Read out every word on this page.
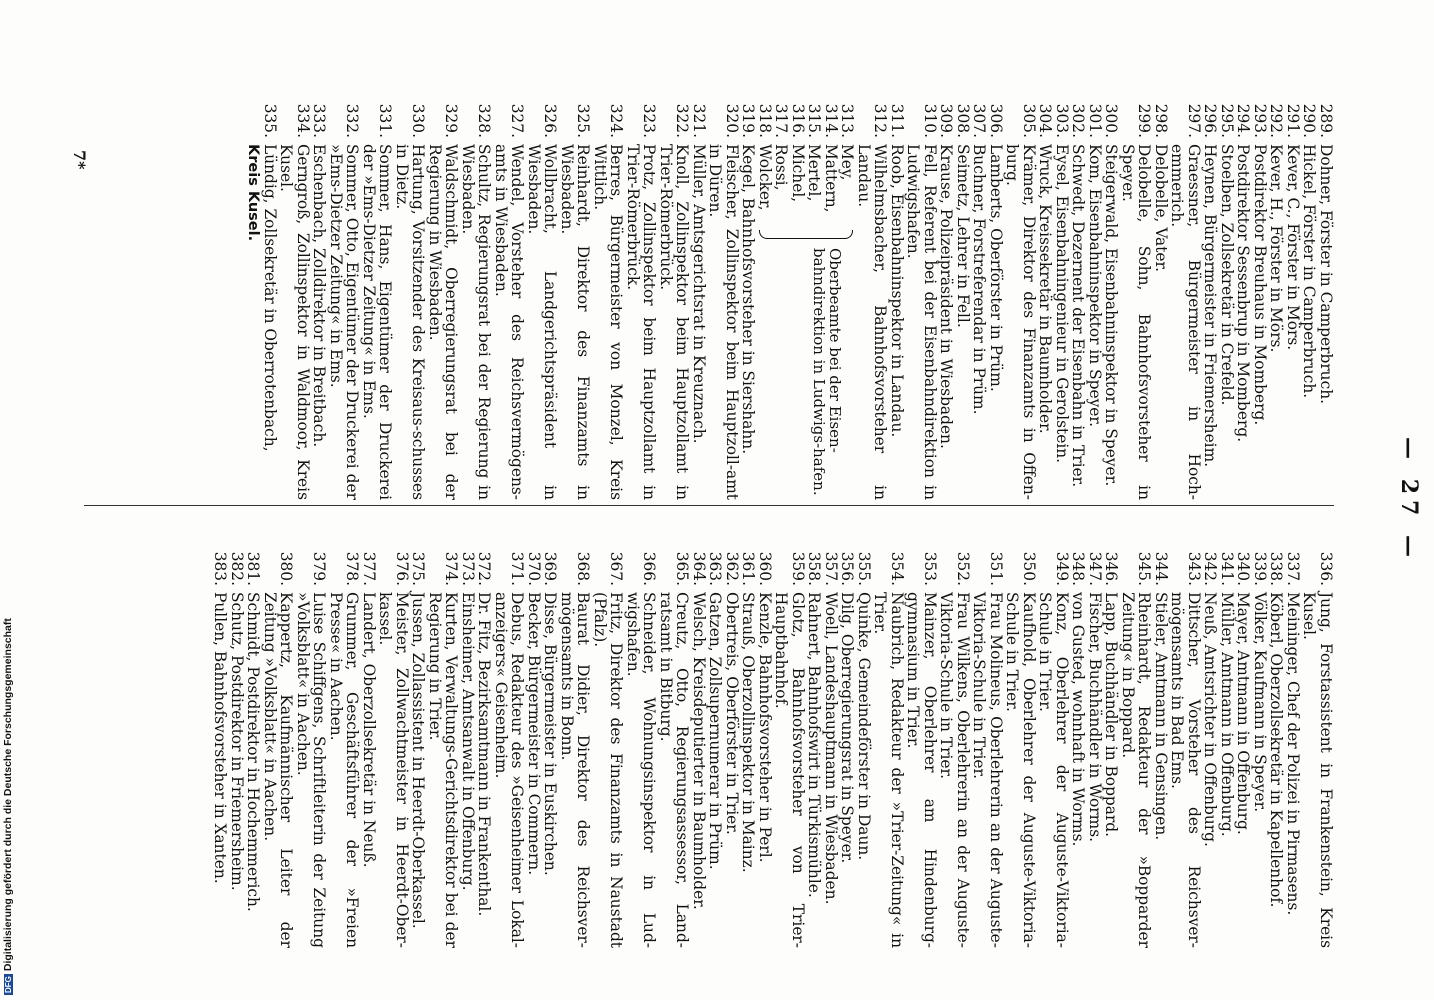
DFGDigitalisierung gefördert durch die Deutsche Forschungsgemeinschaft
— 27 —
289.
Dohner, Förster in Camperbruch.
290.
Hickel, Förster in Camperbruch.
291.
Kever, C., Förster in Mörs.
292.
Kever, H., Förster in Mörs.
293.
Postdirektor Breuhaus in Momberg.
294.
Postdirektor Sessenbrup in Momberg.
295.
Stoelben, Zollsekretär in Crefeld.
296.
Heynen, Bürgermeister in Friemersheim.
297.
Graessner, Bürgermeister in Hoch-emmerich.
298.
Delobelle, Vater.
299.
Delobelle, Sohn, Bahnhofsvorsteher in Speyer.
300.
Steigerwald, Eisenbahninspektor in Speyer.
301.
Kom, Eisenbahninspektor in Speyer.
302.
Schwedt, Dezernent der Eisenbahn in Trier.
303.
Eysel, Eisenbahningenieur in Gerolstein.
304.
Wruck, Kreissekretär in Baumholder.
305.
Krämer, Direktor des Finanzamts in Offen-burg.
306.
Lamberts, Oberförster in Prüm.
307.
Buchner, Forstreferendar in Prüm.
308.
Seimetz, Lehrer in Fell.
309.
Krause, Polizeipräsident in Wiesbaden.
310.
Fell, Referent bei der Eisenbahndirektion in Ludwigshafen.
311.
Roob, Eisenbahninspektor in Landau.
312.
Wilhelmsbacher, Bahnhofsvorsteher in Landau.
313.
Mey,
314.
Mattern,
315.
Mertel,
316.
Michel,
317.
Rossi,
318.
Wolcker,
Oberbeamte bei der Eisen-bahndirektion in Ludwigs-hafen.
319.
Kegel, Bahnhofsvorsteher in Siershahn.
320.
Fleischer, Zollinspektor beim Hauptzoll-amt in Düren.
321.
Müller, Amtsgerichtsrat in Kreuznach.
322.
Knoll, Zollinspektor beim Hauptzollamt in Trier-Römerbrück.
323.
Protz, Zollinspektor beim Hauptzollamt in Trier-Römerbrück.
324.
Berres, Bürgermeister von Monzel, Kreis Wittlich.
325.
Reinhardt, Direktor des Finanzamts in Wiesbaden.
326.
Wollbracht, Landgerichtspräsident in Wiesbaden.
327.
Wendel, Vorsteher des Reichsvermögens-amts in Wiesbaden.
328.
Schultz, Regierungsrat bei der Regierung in Wiesbaden.
329.
Waldschmidt, Oberregierungsrat bei der Regierung in Wiesbaden.
330.
Hartung, Vorsitzender des Kreisaus-schusses in Dietz.
331.
Sommer, Hans, Eigentümer der Druckerei der »Ems-Dietzer Zeitung« in Ems.
332.
Sommer, Otto, Eigentümer der Druckerei der »Ems-Dietzer Zeitung« in Ems.
333.
Eschenbach, Zolldirektor in Breitbach.
334.
Gerngroß, Zollinspektor in Waldmoor, Kreis Kusel.
335.
Lündig, Zollsekretär in Oberrotenbach,
Kreis Kusel.
336.
Jung, Forstassistent in Frankenstein, Kreis Kusel.
337.
Meininger, Chef der Polizei in Pirmasens.
338.
Köberl, Oberzollsekretär in Kapellenhof.
339.
Völker, Kaufmann in Speyer.
340.
Mayer, Amtmann in Offenburg.
341.
Müller, Amtmann in Offenburg.
342.
Neuß, Amtsrichter in Offenburg.
343.
Dittscher, Vorsteher des Reichsver-mögensamts in Bad Ems.
344.
Stieler, Amtmann in Gensingen.
345.
Rheinhardt, Redakteur der »Bopparder Zeitung« in Boppard.
346.
Lapp, Buchhändler in Boppard.
347.
Fischer, Buchhändler in Worms.
348.
von Gusted, wohnhaft in Worms.
349.
Konz, Oberlehrer der Auguste-Viktoria-Schule in Trier.
350.
Kaufhold, Oberlehrer der Auguste-Viktoria-Schule in Trier.
351.
Frau Molineus, Oberlehrerin an der Auguste-Viktoria-Schule in Trier.
352.
Frau Wilkens, Oberlehrerin an der Auguste-Viktoria-Schule in Trier.
353.
Mainzer, Oberlehrer am Hindenburg-gymnasium in Trier.
354.
Naubrich, Redakteur der »Trier-Zeitung« in Trier.
355.
Quinke, Gemeindeförster in Daun.
356.
Dilg, Oberregierungsrat in Speyer.
357.
Woell, Landeshauptmann in Wiesbaden.
358.
Rahnert, Bahnhofswirt in Türkismühle.
359.
Glotz, Bahnhofsvorsteher von Trier-Hauptbahnhof.
360.
Kenzle, Bahnhofsvorsteher in Perl.
361.
Strauß, Oberzollinspektor in Mainz.
362.
Obertreis, Oberförster in Trier.
363.
Gatzen, Zollsupernumerar in Prüm.
364.
Welsch, Kreisdeputierter in Baumholder.
365.
Creutz, Otto, Regierungsassessor, Land-ratsamt in Bitburg.
366.
Schneider, Wohnungsinspektor in Lud-wigshafen.
367.
Fritz, Direktor des Finanzamts in Naustadt (Pfalz).
368.
Baurat Didier, Direktor des Reichsver-mögensamts in Bonn.
369.
Disse, Bürgermeister in Euskirchen.
370.
Becker, Bürgermeister in Commern.
371.
Debus, Redakteur des »Geisenheimer Lokal-anzeigers« Geisenheim.
372.
Dr. Fitz, Bezirksamtmann in Frankenthal.
373.
Einsheimer, Amtsanwalt in Offenburg.
374.
Kurten, Verwaltungs-Gerichtsdirektor bei der Regierung in Trier.
375.
Jussen, Zollassistent in Heerdt-Oberkassel.
376.
Meister, Zollwachtmeister in Heerdt-Ober-kassel.
377.
Landert, Oberzollsekretär in Neuß.
378.
Grummer, Geschäftsführer der »Freien Presse« in Aachen.
379.
Luise Schiffgens, Schriftleiterin der Zeitung »Volksblatt« in Aachen.
380.
Kappertz, Kaufmännischer Leiter der Zeitung »Volksblatt« in Aachen.
381.
Schmidt, Postdirektor in Hochemmerich.
382.
Schutz, Postdirektor in Friemersheim.
383.
Pullen, Bahnhofsvorsteher in Xanten.
7*
